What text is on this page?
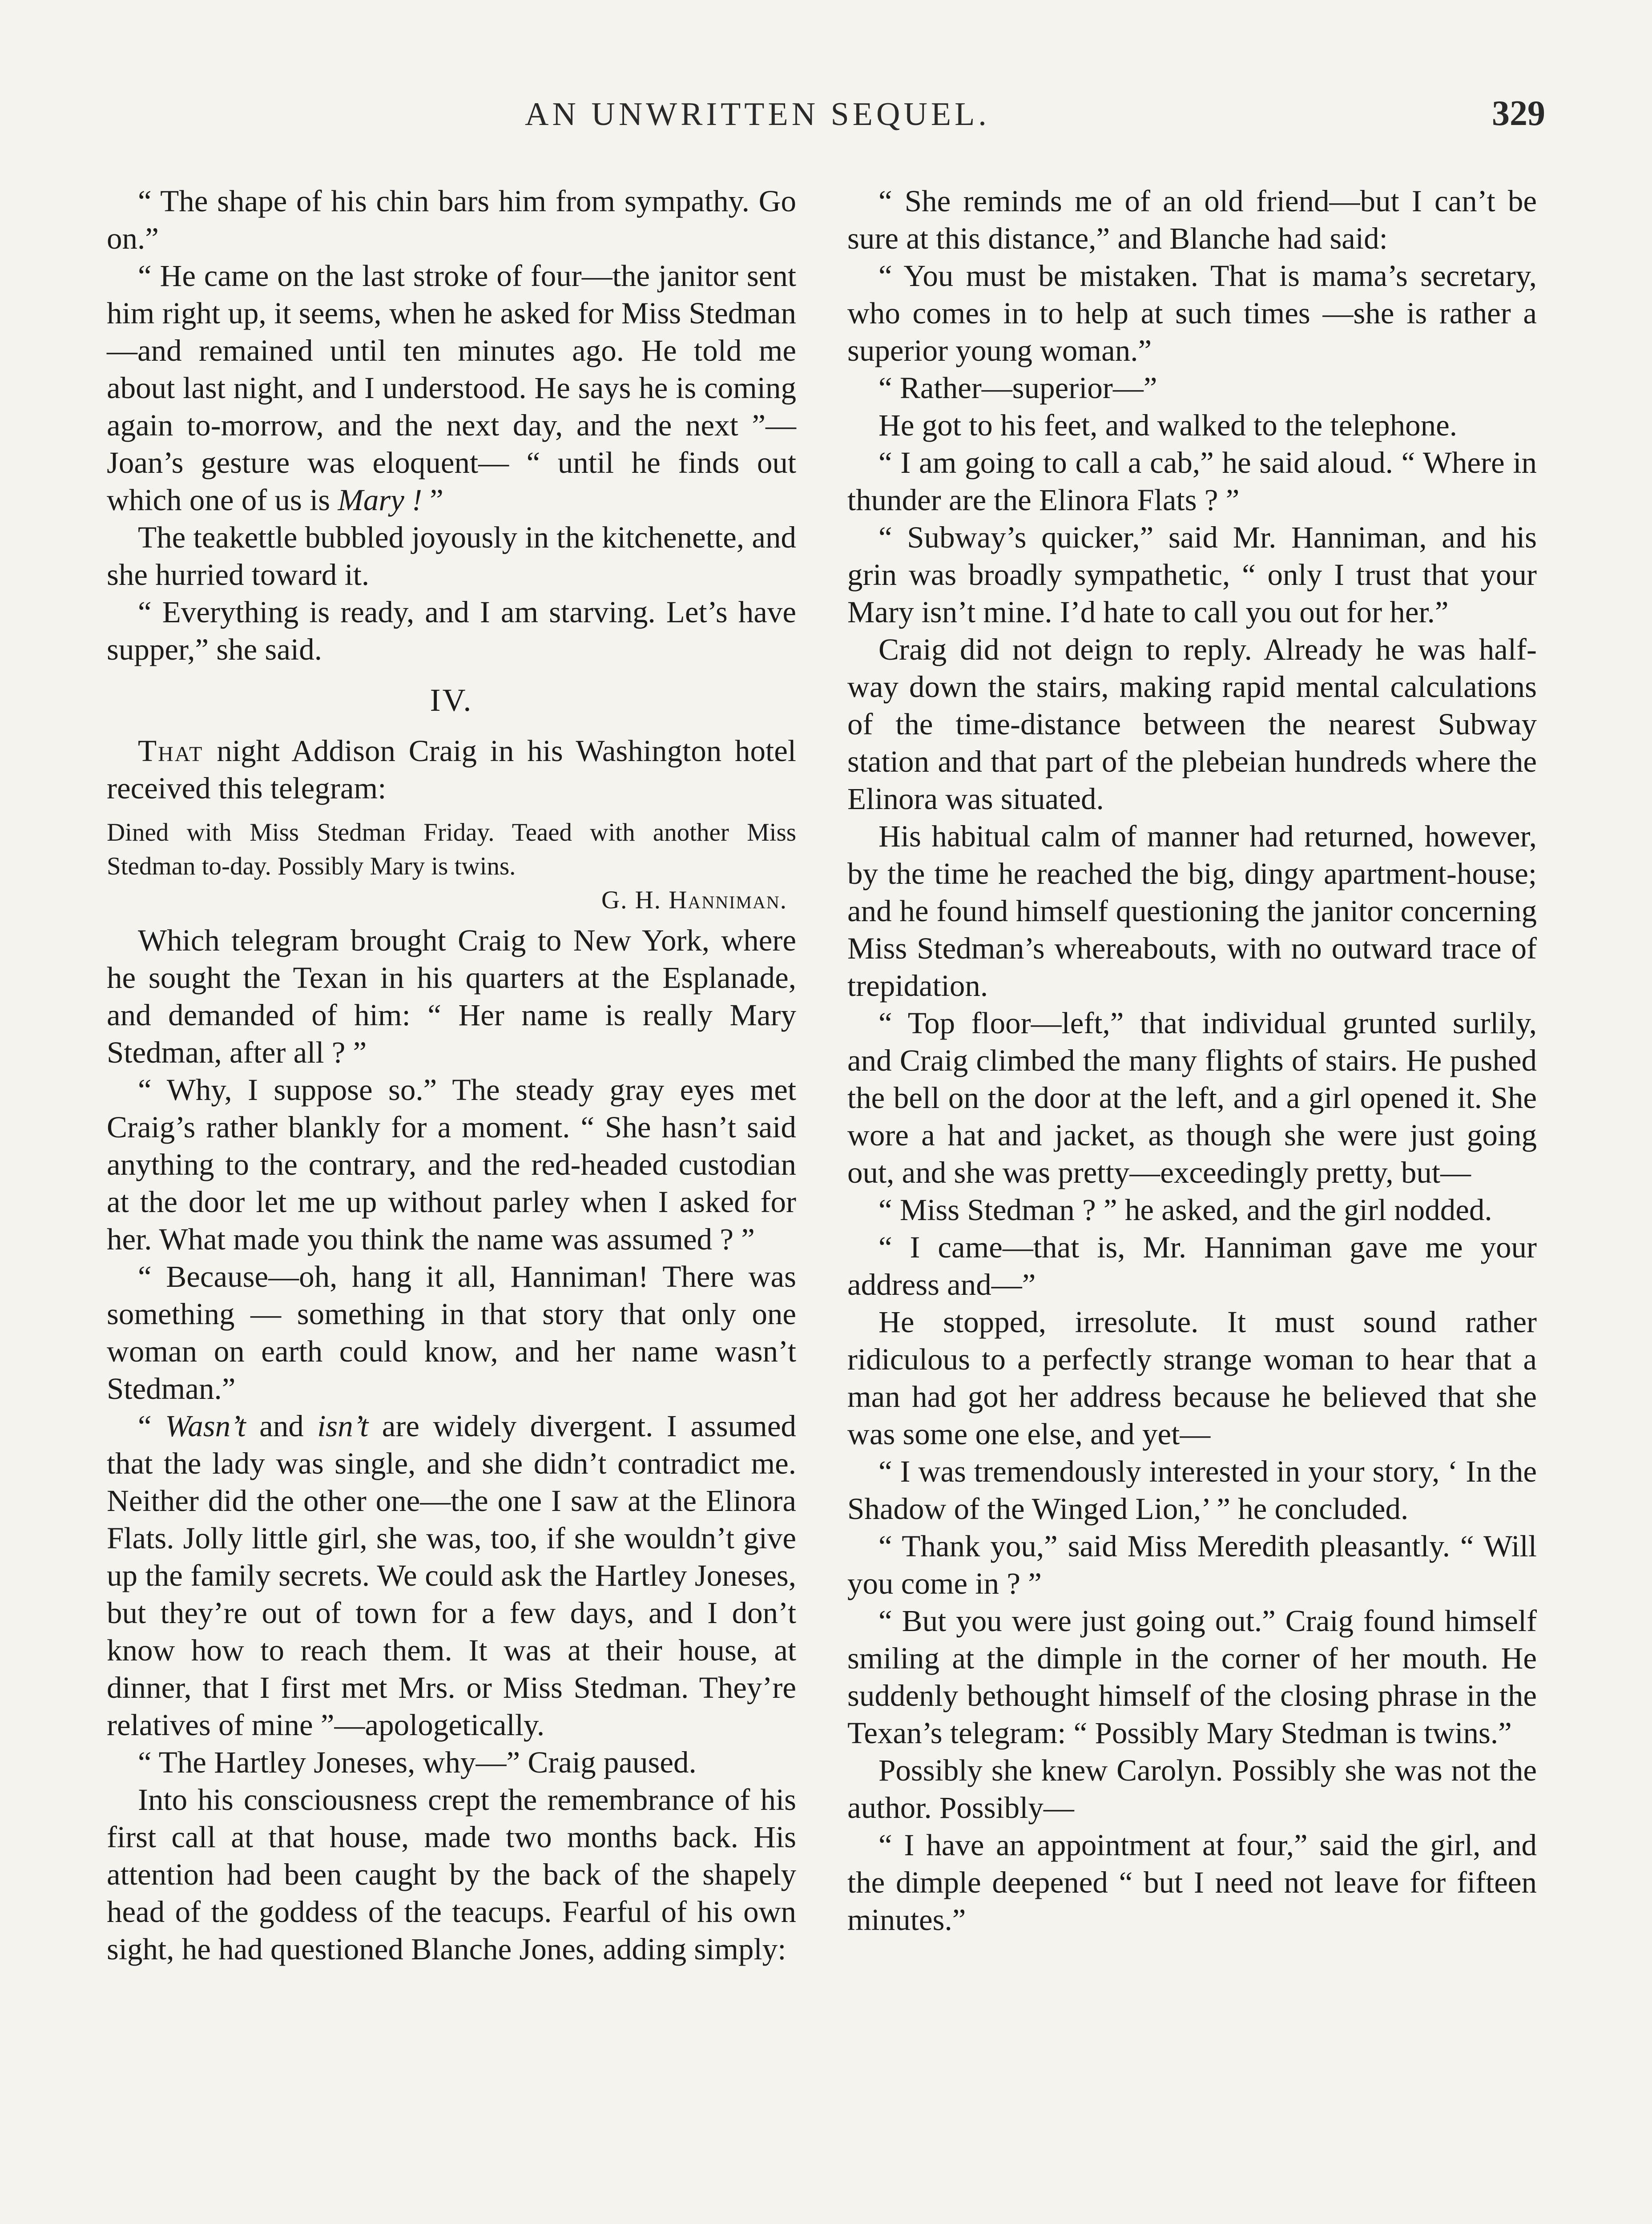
AN UNWRITTEN SEQUEL.	329

“ The shape of his chin bars him from sympathy. Go on.”

“ He came on the last stroke of four—the janitor sent him right up, it seems, when he asked for Miss Stedman—and remained until ten minutes ago. He told me about last night, and I understood. He says he is coming again to-morrow, and the next day, and the next ”—Joan’s gesture was eloquent— “ until he finds out which one of us is Mary ! ”

The teakettle bubbled joyously in the kitchenette, and she hurried toward it.

“ Everything is ready, and I am starving. Let’s have supper,” she said.

IV.

That night Addison Craig in his Washington hotel received this telegram:

Dined with Miss Stedman Friday. Teaed with another Miss Stedman to-day. Possibly Mary is twins.
G. H. Hanniman.

Which telegram brought Craig to New York, where he sought the Texan in his quarters at the Esplanade, and demanded of him: “ Her name is really Mary Stedman, after all ? ”

“ Why, I suppose so.” The steady gray eyes met Craig’s rather blankly for a moment. “ She hasn’t said anything to the contrary, and the red-headed custodian at the door let me up without parley when I asked for her. What made you think the name was assumed ? ”

“ Because—oh, hang it all, Hanniman! There was something — something in that story that only one woman on earth could know, and her name wasn’t Stedman.”

“ Wasn’t and isn’t are widely divergent. I assumed that the lady was single, and she didn’t contradict me. Neither did the other one—the one I saw at the Elinora Flats. Jolly little girl, she was, too, if she wouldn’t give up the family secrets. We could ask the Hartley Joneses, but they’re out of town for a few days, and I don’t know how to reach them. It was at their house, at dinner, that I first met Mrs. or Miss Stedman. They’re relatives of mine ”—apologetically.

“ The Hartley Joneses, why—” Craig paused.

Into his consciousness crept the remembrance of his first call at that house, made two months back. His attention had been caught by the back of the shapely head of the goddess of the teacups. Fearful of his own sight, he had questioned Blanche Jones, adding simply:

“ She reminds me of an old friend—but I can’t be sure at this distance,” and Blanche had said:

“ You must be mistaken. That is mama’s secretary, who comes in to help at such times —she is rather a superior young woman.”

“ Rather—superior—”

He got to his feet, and walked to the telephone.

“ I am going to call a cab,” he said aloud. “ Where in thunder are the Elinora Flats ? ”

“ Subway’s quicker,” said Mr. Hanniman, and his grin was broadly sympathetic, “ only I trust that your Mary isn’t mine. I’d hate to call you out for her.”

Craig did not deign to reply. Already he was half-way down the stairs, making rapid mental calculations of the time-distance between the nearest Subway station and that part of the plebeian hundreds where the Elinora was situated.

His habitual calm of manner had returned, however, by the time he reached the big, dingy apartment-house; and he found himself questioning the janitor concerning Miss Stedman’s whereabouts, with no outward trace of trepidation.

“ Top floor—left,” that individual grunted surlily, and Craig climbed the many flights of stairs. He pushed the bell on the door at the left, and a girl opened it. She wore a hat and jacket, as though she were just going out, and she was pretty—exceedingly pretty, but—

“ Miss Stedman ? ” he asked, and the girl nodded.

“ I came—that is, Mr. Hanniman gave me your address and—”

He stopped, irresolute. It must sound rather ridiculous to a perfectly strange woman to hear that a man had got her address because he believed that she was some one else, and yet—

“ I was tremendously interested in your story, ‘ In the Shadow of the Winged Lion,’ ” he concluded.

“ Thank you,” said Miss Meredith pleasantly. “ Will you come in ? ”

“ But you were just going out.” Craig found himself smiling at the dimple in the corner of her mouth. He suddenly bethought himself of the closing phrase in the Texan’s telegram: “ Possibly Mary Stedman is twins.”

Possibly she knew Carolyn. Possibly she was not the author. Possibly—

“ I have an appointment at four,” said the girl, and the dimple deepened “ but I need not leave for fifteen minutes.”
